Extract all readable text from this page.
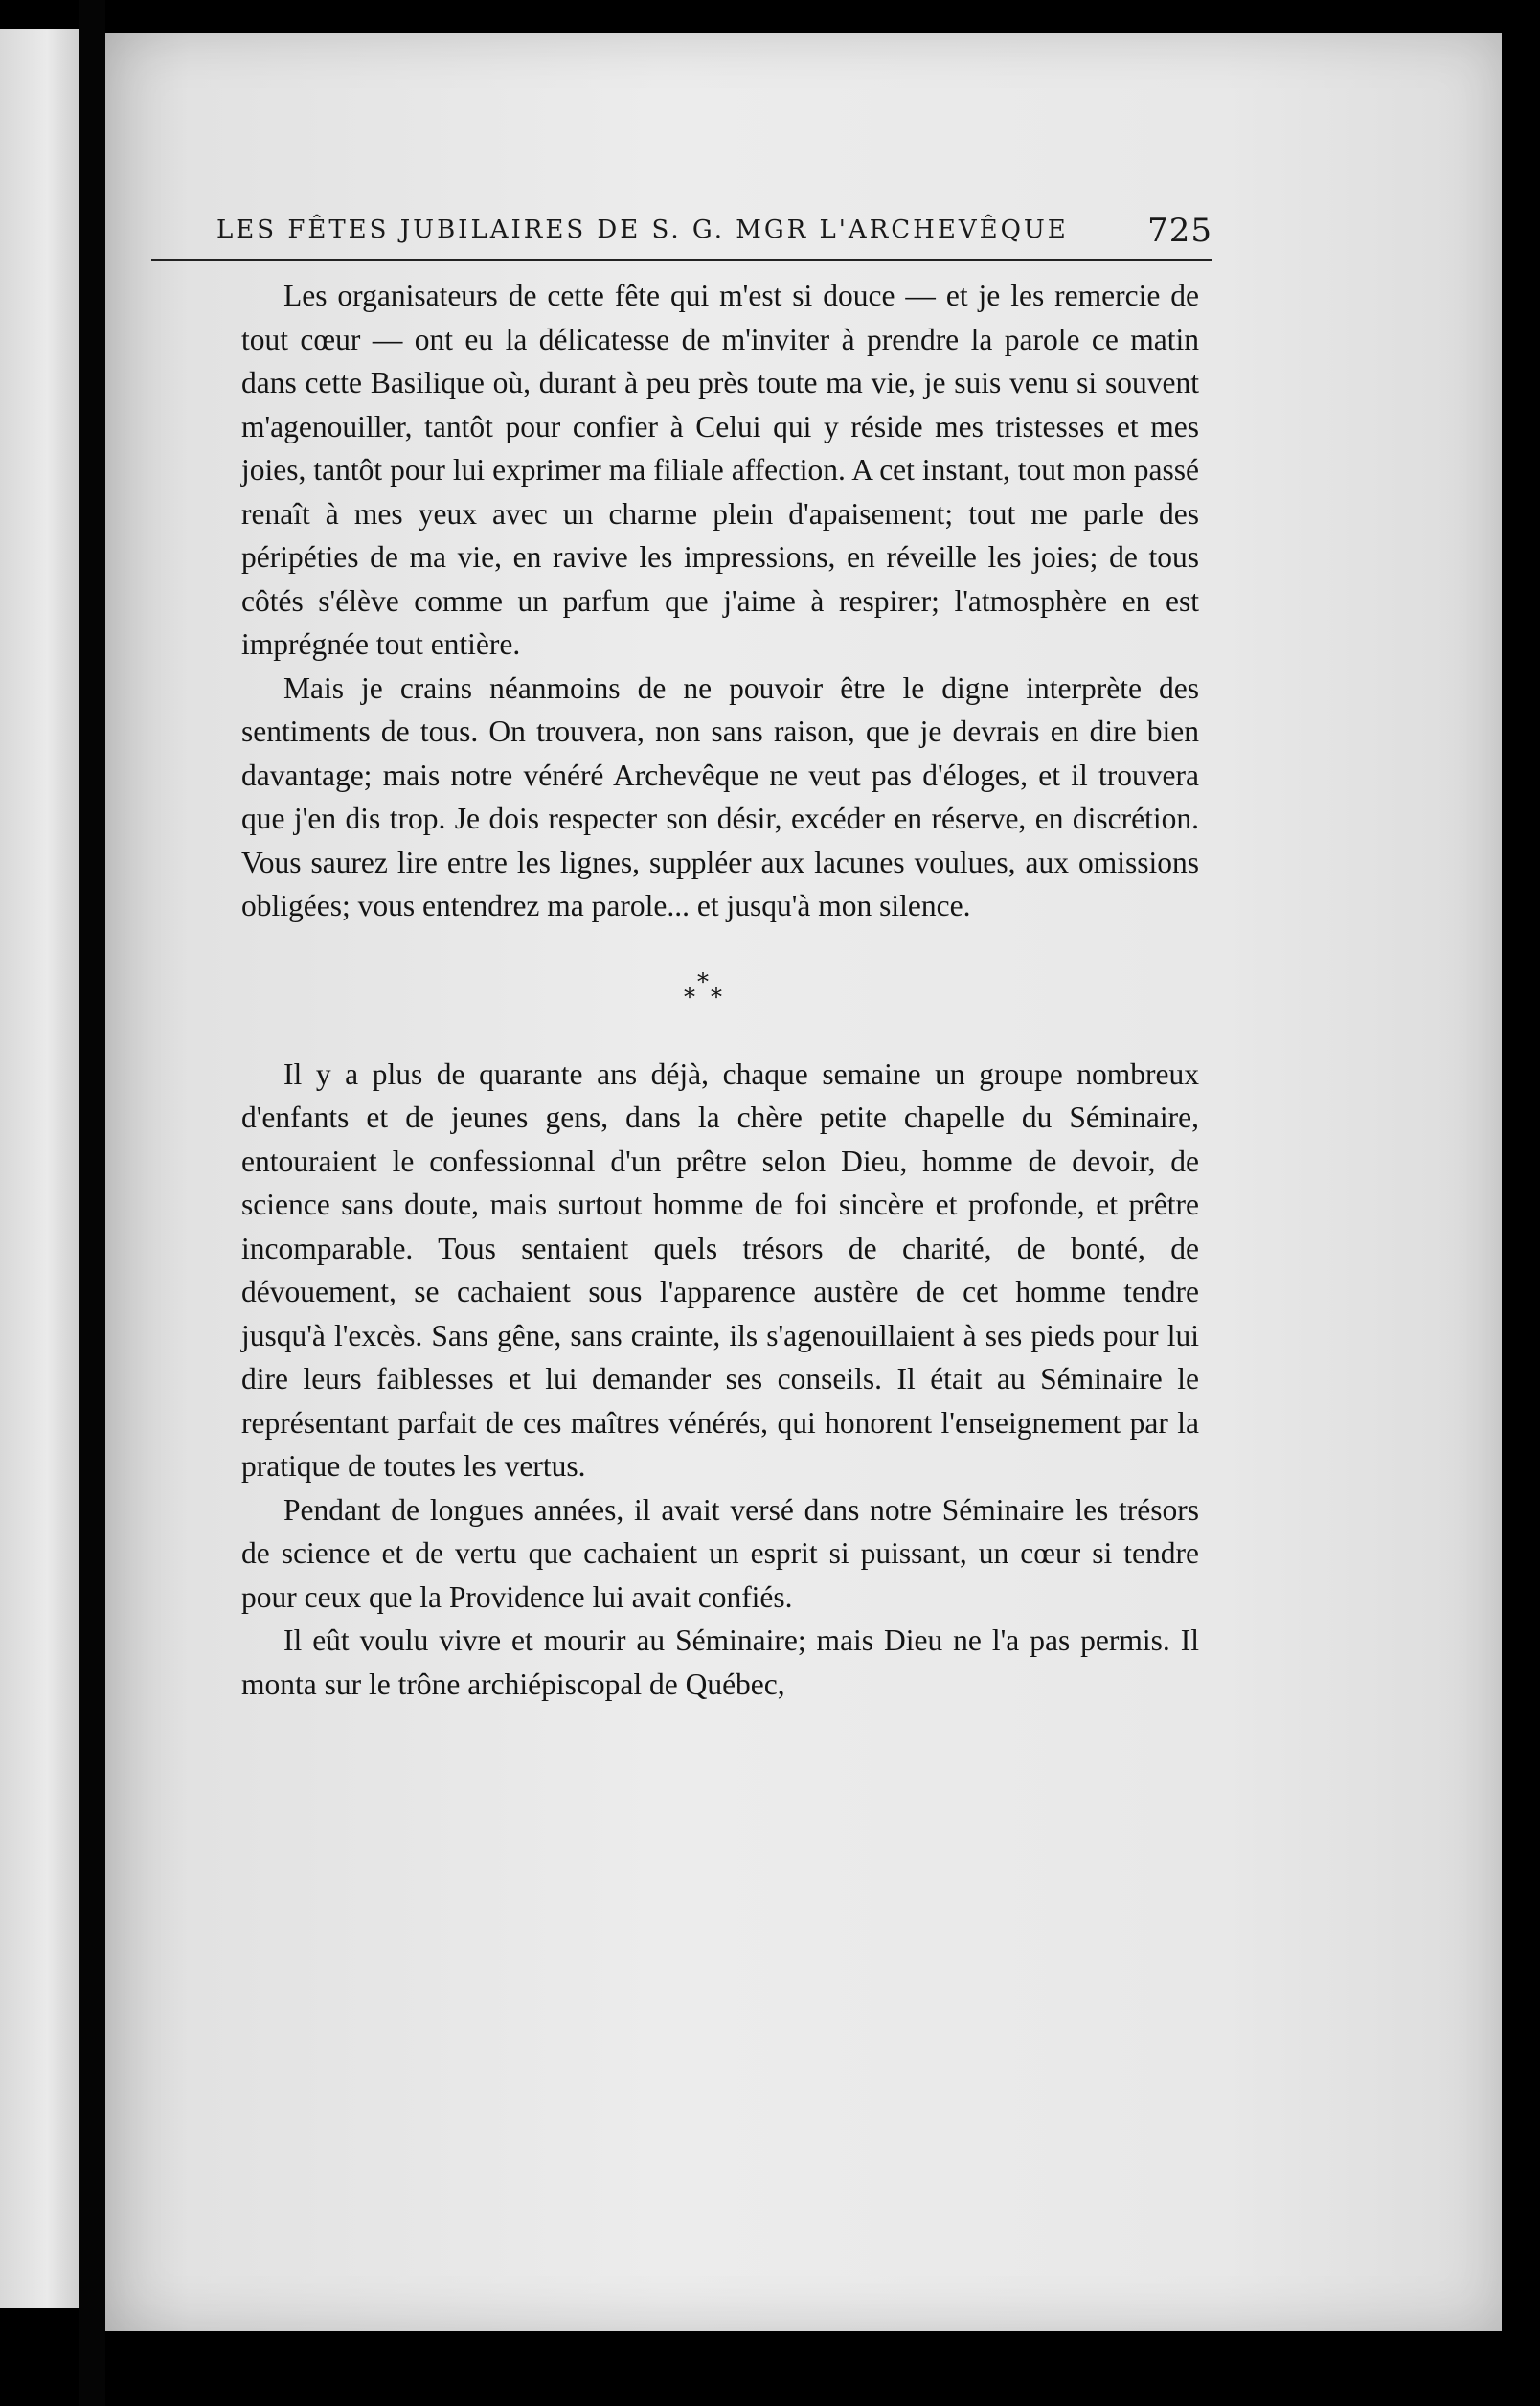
LES FÊTES JUBILAIRES DE S. G. MGR L'ARCHEVÊQUE 725

Les organisateurs de cette fête qui m'est si douce — et je les remercie de tout cœur — ont eu la délicatesse de m'inviter à prendre la parole ce matin dans cette Basilique où, durant à peu près toute ma vie, je suis venu si souvent m'agenouiller, tantôt pour confier à Celui qui y réside mes tristesses et mes joies, tantôt pour lui exprimer ma filiale affection. A cet instant, tout mon passé renaît à mes yeux avec un charme plein d'apaisement; tout me parle des péripéties de ma vie, en ravive les impressions, en réveille les joies; de tous côtés s'élève comme un parfum que j'aime à respirer; l'atmosphère en est imprégnée tout entière.

Mais je crains néanmoins de ne pouvoir être le digne interprète des sentiments de tous. On trouvera, non sans raison, que je devrais en dire bien davantage; mais notre vénéré Archevêque ne veut pas d'éloges, et il trouvera que j'en dis trop. Je dois respecter son désir, excéder en réserve, en discrétion. Vous saurez lire entre les lignes, suppléer aux lacunes voulues, aux omissions obligées; vous entendrez ma parole... et jusqu'à mon silence.

*
* *

Il y a plus de quarante ans déjà, chaque semaine un groupe nombreux d'enfants et de jeunes gens, dans la chère petite chapelle du Séminaire, entouraient le confessionnal d'un prêtre selon Dieu, homme de devoir, de science sans doute, mais surtout homme de foi sincère et profonde, et prêtre incomparable. Tous sentaient quels trésors de charité, de bonté, de dévouement, se cachaient sous l'apparence austère de cet homme tendre jusqu'à l'excès. Sans gêne, sans crainte, ils s'agenouillaient à ses pieds pour lui dire leurs faiblesses et lui demander ses conseils. Il était au Séminaire le représentant parfait de ces maîtres vénérés, qui honorent l'enseignement par la pratique de toutes les vertus.

Pendant de longues années, il avait versé dans notre Séminaire les trésors de science et de vertu que cachaient un esprit si puissant, un cœur si tendre pour ceux que la Providence lui avait confiés.

Il eût voulu vivre et mourir au Séminaire; mais Dieu ne l'a pas permis. Il monta sur le trône archiépiscopal de Québec,
